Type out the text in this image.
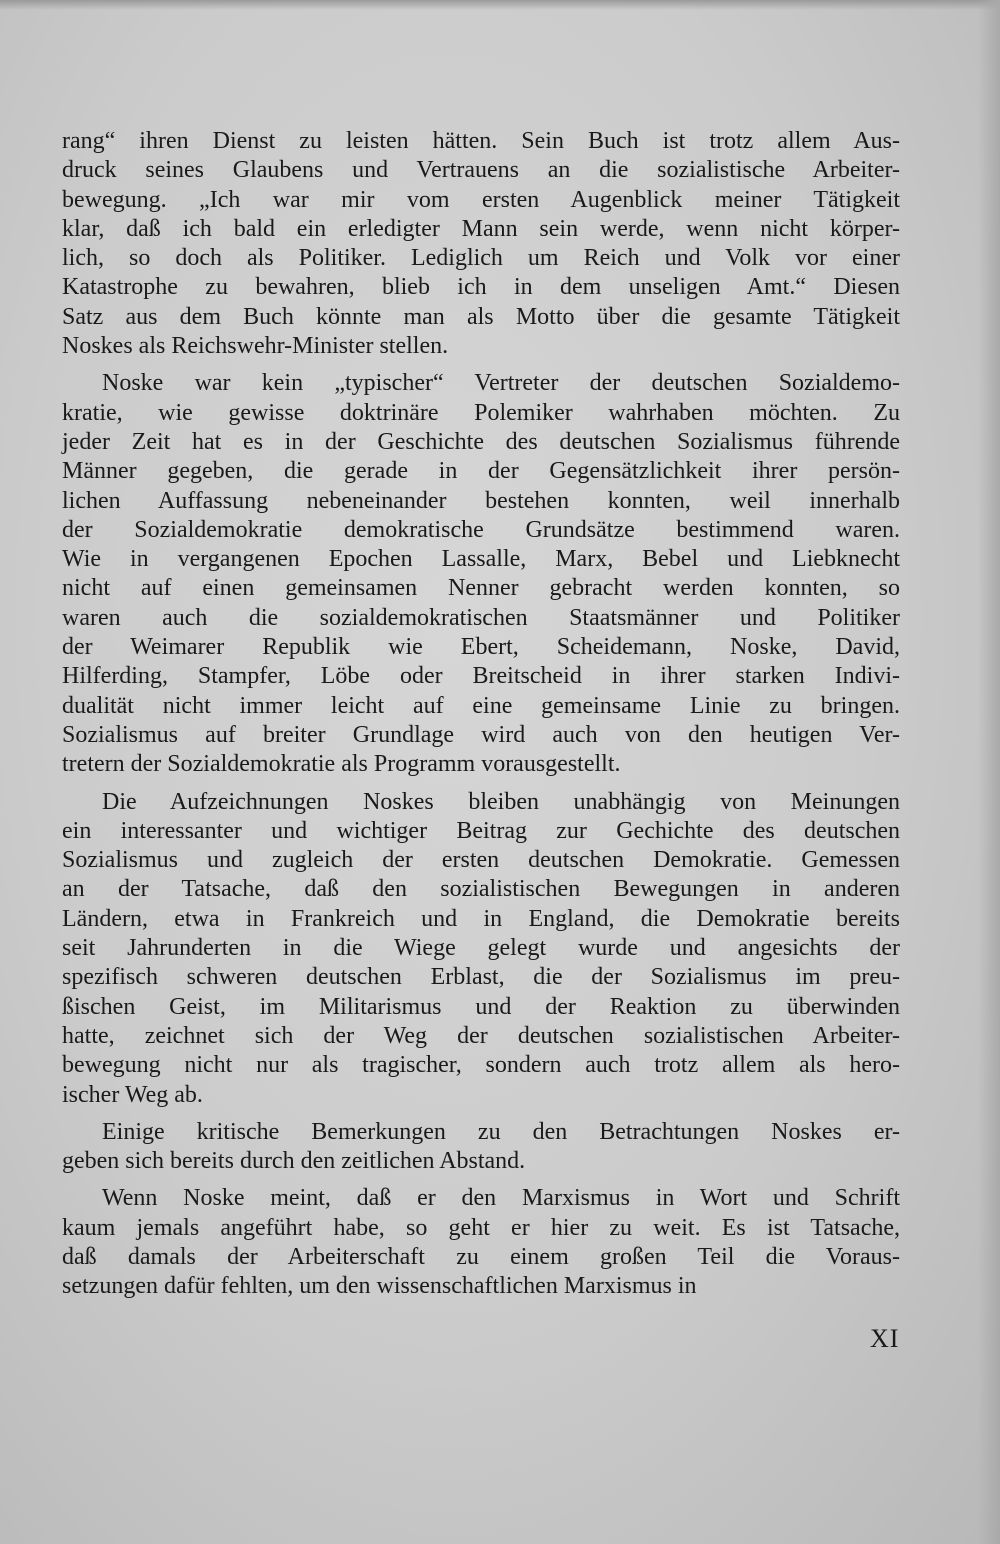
rang“ ihren Dienst zu leisten hätten. Sein Buch ist trotz allem Aus-
druck seines Glaubens und Vertrauens an die sozialistische Arbeiter-
bewegung. „Ich war mir vom ersten Augenblick meiner Tätigkeit
klar, daß ich bald ein erledigter Mann sein werde, wenn nicht körper-
lich, so doch als Politiker. Lediglich um Reich und Volk vor einer
Katastrophe zu bewahren, blieb ich in dem unseligen Amt.“ Diesen
Satz aus dem Buch könnte man als Motto über die gesamte Tätigkeit
Noskes als Reichswehr-Minister stellen.
Noske war kein „typischer“ Vertreter der deutschen Sozialdemo-
kratie, wie gewisse doktrinäre Polemiker wahrhaben möchten. Zu
jeder Zeit hat es in der Geschichte des deutschen Sozialismus führende
Männer gegeben, die gerade in der Gegensätzlichkeit ihrer persön-
lichen Auffassung nebeneinander bestehen konnten, weil innerhalb
der Sozialdemokratie demokratische Grundsätze bestimmend waren.
Wie in vergangenen Epochen Lassalle, Marx, Bebel und Liebknecht
nicht auf einen gemeinsamen Nenner gebracht werden konnten, so
waren auch die sozialdemokratischen Staatsmänner und Politiker
der Weimarer Republik wie Ebert, Scheidemann, Noske, David,
Hilferding, Stampfer, Löbe oder Breitscheid in ihrer starken Indivi-
dualität nicht immer leicht auf eine gemeinsame Linie zu bringen.
Sozialismus auf breiter Grundlage wird auch von den heutigen Ver-
tretern der Sozialdemokratie als Programm vorausgestellt.
Die Aufzeichnungen Noskes bleiben unabhängig von Meinungen
ein interessanter und wichtiger Beitrag zur Gechichte des deutschen
Sozialismus und zugleich der ersten deutschen Demokratie. Gemessen
an der Tatsache, daß den sozialistischen Bewegungen in anderen
Ländern, etwa in Frankreich und in England, die Demokratie bereits
seit Jahrunderten in die Wiege gelegt wurde und angesichts der
spezifisch schweren deutschen Erblast, die der Sozialismus im preu-
ßischen Geist, im Militarismus und der Reaktion zu überwinden
hatte, zeichnet sich der Weg der deutschen sozialistischen Arbeiter-
bewegung nicht nur als tragischer, sondern auch trotz allem als hero-
ischer Weg ab.
Einige kritische Bemerkungen zu den Betrachtungen Noskes er-
geben sich bereits durch den zeitlichen Abstand.
Wenn Noske meint, daß er den Marxismus in Wort und Schrift
kaum jemals angeführt habe, so geht er hier zu weit. Es ist Tatsache,
daß damals der Arbeiterschaft zu einem großen Teil die Voraus-
setzungen dafür fehlten, um den wissenschaftlichen Marxismus in
XI
